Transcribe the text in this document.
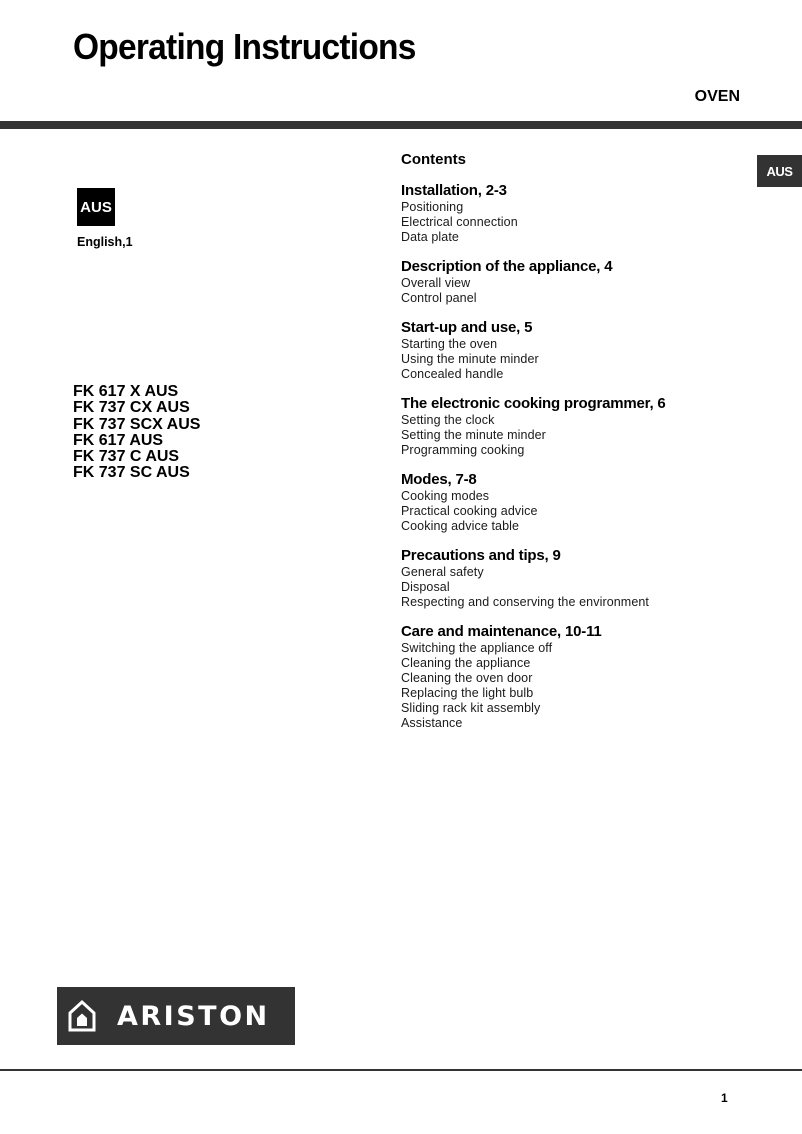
Operating Instructions
OVEN
AUS
English,1
AUS
FK 617 X AUS
FK 737 CX AUS
FK 737 SCX AUS
FK 617 AUS
FK 737 C AUS
FK 737 SC AUS
Contents
Installation, 2-3
Positioning
Electrical connection
Data plate
Description of the appliance, 4
Overall view
Control panel
Start-up and use, 5
Starting the oven
Using the minute minder
Concealed handle
The electronic cooking programmer, 6
Setting the clock
Setting the minute minder
Programming cooking
Modes, 7-8
Cooking modes
Practical cooking advice
Cooking advice table
Precautions and tips, 9
General safety
Disposal
Respecting and conserving the environment
Care and maintenance, 10-11
Switching the appliance off
Cleaning the appliance
Cleaning the oven door
Replacing the light bulb
Sliding rack kit assembly
Assistance
ARISTON
1
